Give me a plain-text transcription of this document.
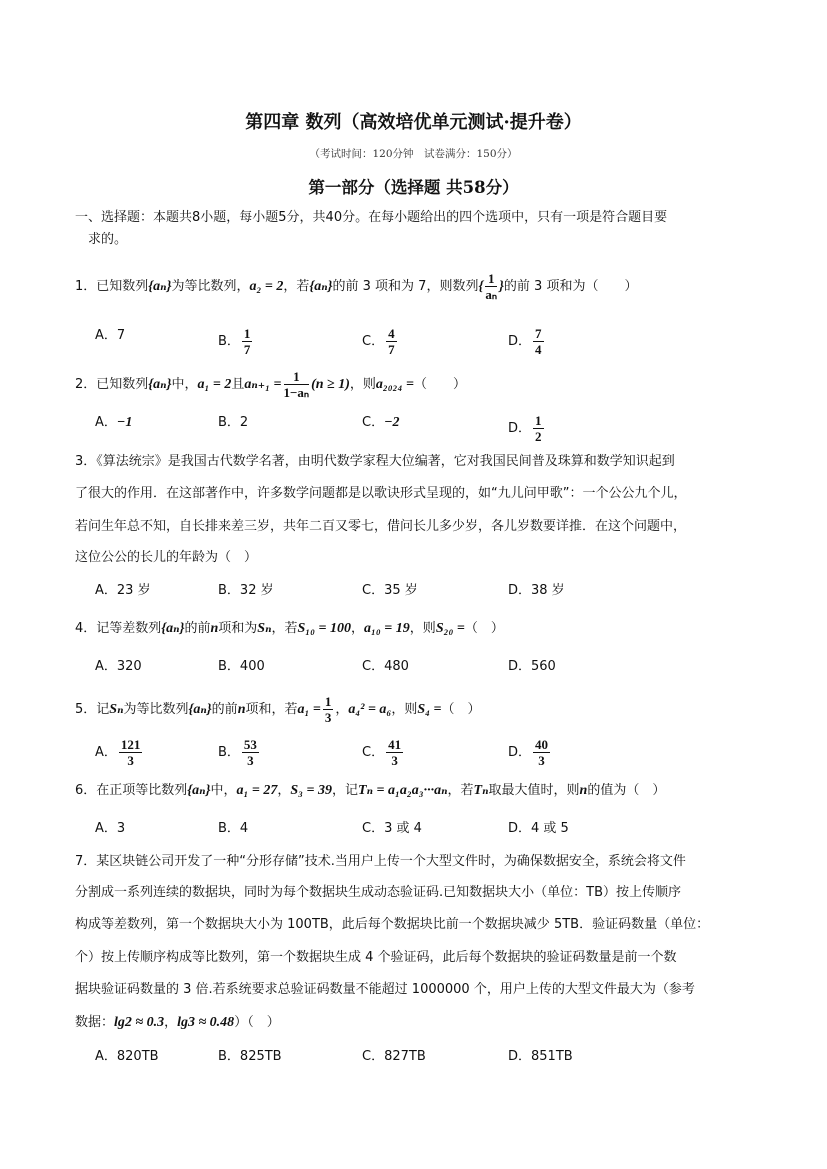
第四章 数列（高效培优单元测试·提升卷）
（考试时间：120分钟　试卷满分：150分）
第一部分（选择题 共58分）
一、选择题：本题共8小题，每小题5分，共40分。在每小题给出的四个选项中，只有一项是符合题目要
求的。
1．已知数列{aₙ}为等比数列，a₂ = 2，若{aₙ}的前 3 项和为 7，则数列{ $\frac{1}{\text{aₙ}}$ }的前 3 项和为（　　）
A．7	B． $\frac{1}{7}$	C． $\frac{4}{7}$	D． $\frac{7}{4}$
2．已知数列{aₙ}中，a₁ = 2且$a_{n+1} = \frac{1}{\text{1−aₙ}} (n \ge 1)$，则a₂₀₂₄ =（　　）
A．−1	B．2	C．−2	D． $\frac{1}{2}$
3．《算法统宗》是我国古代数学名著，由明代数学家程大位编著，它对我国民间普及珠算和数学知识起到
了很大的作用．在这部著作中，许多数学问题都是以歌诀形式呈现的，如“九儿问甲歌”：一个公公九个儿，
若问生年总不知，自长排来差三岁，共年二百又零七，借问长儿多少岁，各儿岁数要详推．在这个问题中，
这位公公的长儿的年龄为（　）
A．23 岁	B．32 岁	C．35 岁	D．38 岁
4．记等差数列{aₙ}的前n项和为Sₙ，若S₁₀ = 100，a₁₀ = 19，则S₂₀ =（　）
A．320	B．400	C．480	D．560
5．记Sₙ为等比数列{aₙ}的前n项和，若$a_1 = \frac{1}{3}$ ，a₄² = a₆，则S₄ =（　）
A． $\frac{121}{3}$	B． $\frac{53}{3}$	C． $\frac{41}{3}$	D． $\frac{40}{3}$
6．在正项等比数列{aₙ}中，a₁ = 27，S₃ = 39，记Tₙ = a₁a₂a₃···aₙ，若Tₙ取最大值时，则n的值为（　）
A．3	B．4	C．3 或 4	D．4 或 5
7．某区块链公司开发了一种“分形存储”技术.当用户上传一个大型文件时，为确保数据安全，系统会将文件
分割成一系列连续的数据块，同时为每个数据块生成动态验证码.已知数据块大小（单位：TB）按上传顺序
构成等差数列，第一个数据块大小为 100TB，此后每个数据块比前一个数据块减少 5TB．验证码数量（单位：
个）按上传顺序构成等比数列，第一个数据块生成 4 个验证码，此后每个数据块的验证码数量是前一个数
据块验证码数量的 3 倍.若系统要求总验证码数量不能超过 1000000 个，用户上传的大型文件最大为（参考
数据：lg2 ≈ 0.3，lg3 ≈ 0.48）（　）
A．820TB	B．825TB	C．827TB	D．851TB
